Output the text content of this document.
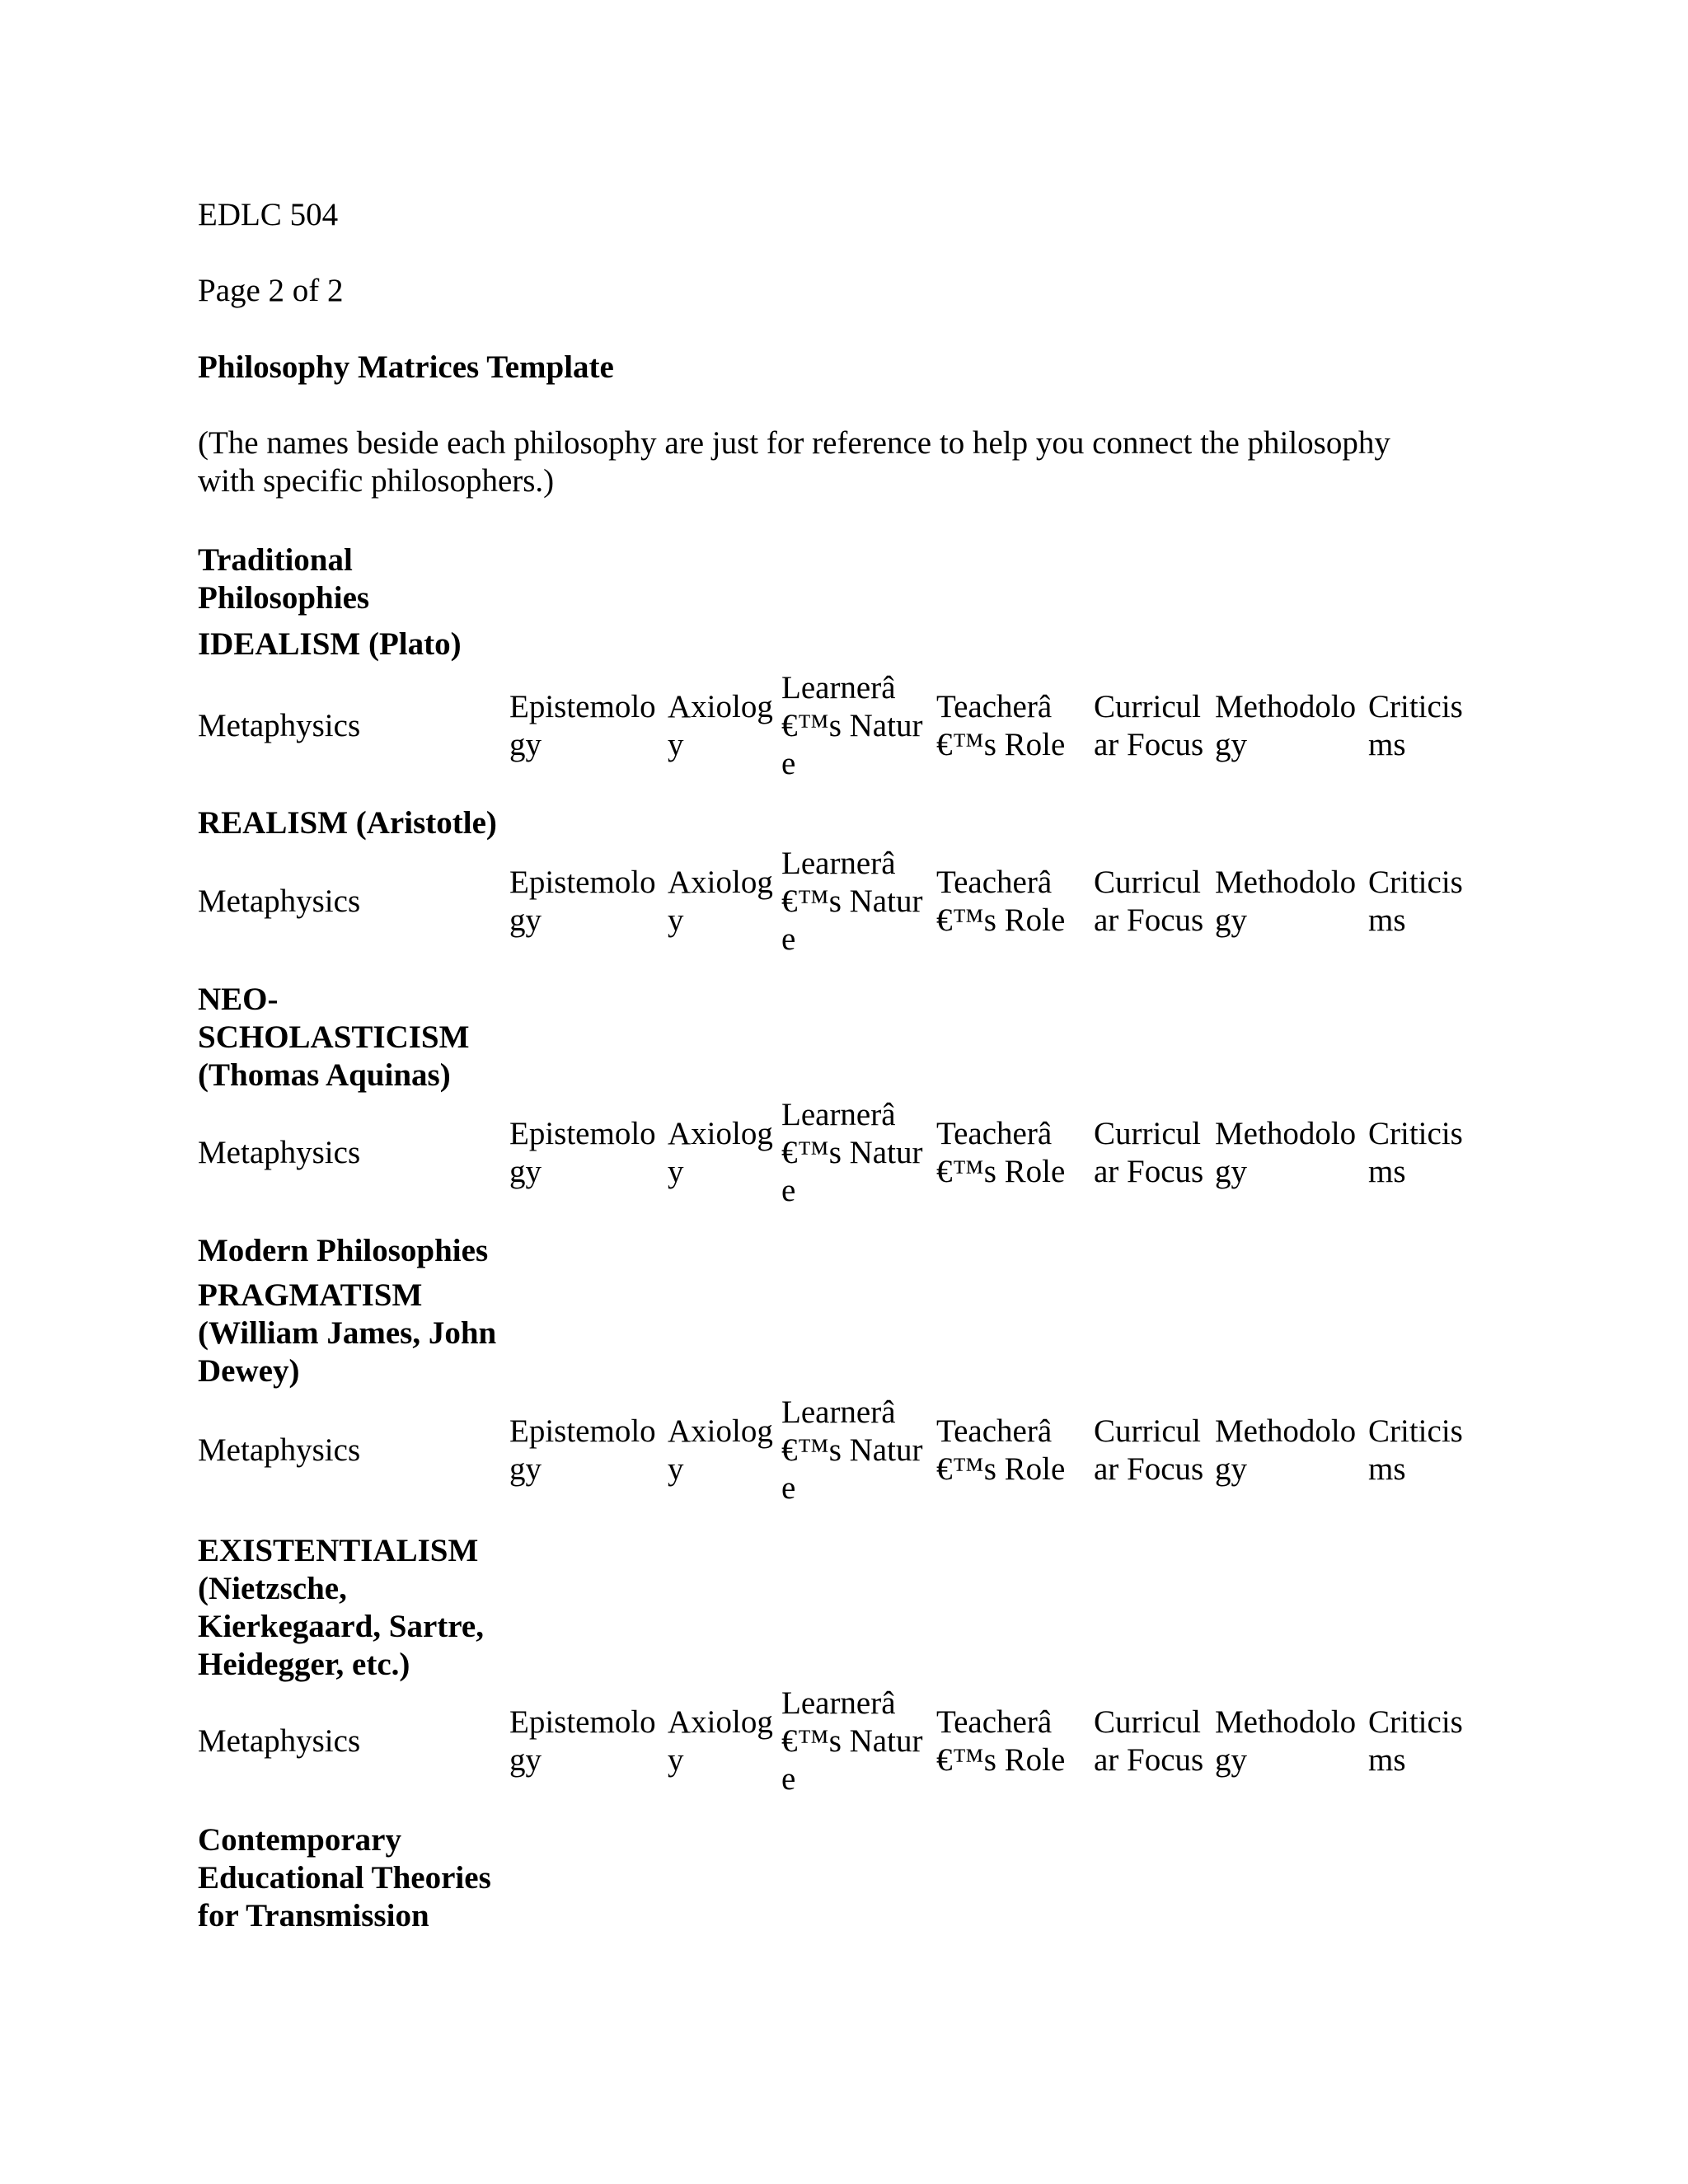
EDLC 504
Page 2 of 2
Philosophy Matrices Template
(The names beside each philosophy are just for reference to help you connect the philosophy with specific philosophers.)
Traditional Philosophies
IDEALISM (Plato)
Metaphysics
Epistemology
Axiology
Learnerâ€™s Nature
Teacherâ€™s Role
Curricular Focus
Methodology
Criticisms
REALISM (Aristotle)
Metaphysics
Epistemology
Axiology
Learnerâ€™s Nature
Teacherâ€™s Role
Curricular Focus
Methodology
Criticisms
NEO-SCHOLASTICISM (Thomas Aquinas)
Metaphysics
Epistemology
Axiology
Learnerâ€™s Nature
Teacherâ€™s Role
Curricular Focus
Methodology
Criticisms
Modern Philosophies
PRAGMATISM (William James, John Dewey)
Metaphysics
Epistemology
Axiology
Learnerâ€™s Nature
Teacherâ€™s Role
Curricular Focus
Methodology
Criticisms
EXISTENTIALISM (Nietzsche, Kierkegaard, Sartre, Heidegger, etc.)
Metaphysics
Epistemology
Axiology
Learnerâ€™s Nature
Teacherâ€™s Role
Curricular Focus
Methodology
Criticisms
Contemporary Educational Theories for Transmission
